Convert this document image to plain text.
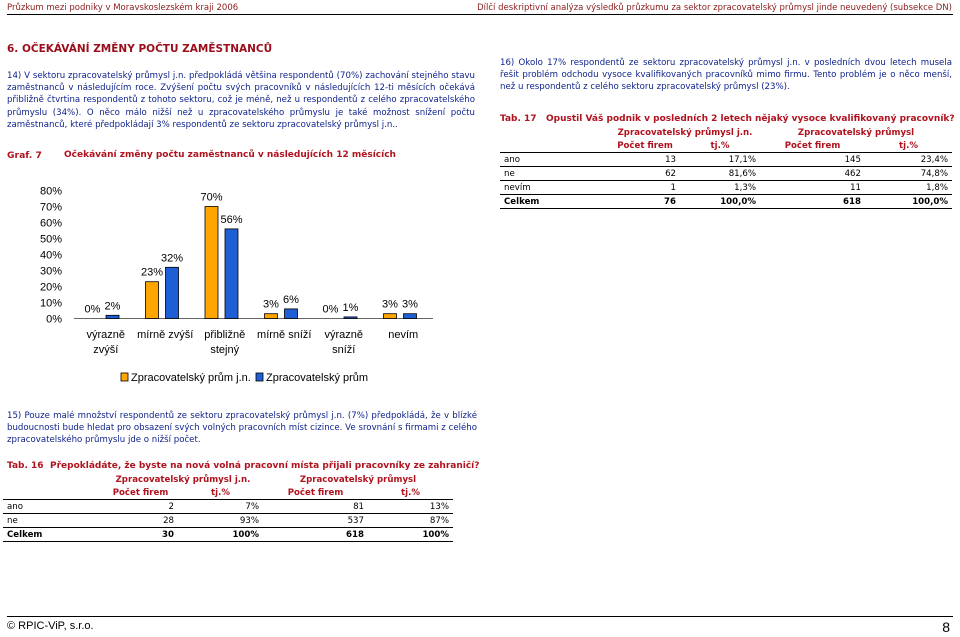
Průzkum mezi podniky v Moravskoslezském kraji 2006	Dílčí deskriptivní analýza výsledků průzkumu za sektor zpracovatelský průmysl jinde neuvedený (subsekce DN)
6. OČEKÁVÁNÍ ZMĚNY POČTU ZAMĚSTNANCŮ
14) V sektoru zpracovatelský průmysl j.n. předpokládá většina respondentů (70%) zachování stejného stavu zaměstnanců v následujícím roce. Zvýšení počtu svých pracovníků v následujících 12-ti měsících očekává přibližně čtvrtina respondentů z tohoto sektoru, což je méně, než u respondentů z celého zpracovatelského průmyslu (34%). O něco málo nižší než u zpracovatelského průmyslu je také možnost snížení počtu zaměstnanců, které předpokládají 3% respondentů ze sektoru zpracovatelský průmysl j.n..
Graf. 7 Očekávání změny počtu zaměstnanců v následujících 12 měsících
0%
10%
20%
30%
40%
50%
60%
70%
80%
0% 2%
23%
32%
70%
56%
3% 6%
0% 1% 3% 3%
výrazně
zvýší
mírně zvýší přibližně
stejný
mírně sníží výrazně
sníží
nevím
Zpracovatelský prům j.n. Zpracovatelský prům
15) Pouze malé množství respondentů ze sektoru zpracovatelský průmysl j.n. (7%) předpokládá, že v blízké budoucnosti bude hledat pro obsazení svých volných pracovních míst cizince. Ve srovnání s firmami z celého zpracovatelského průmyslu jde o nižší počet.
Tab. 16 Přepokládáte, že byste na nová volná pracovní místa přijali pracovníky ze zahraničí?
	Zpracovatelský průmysl j.n.		Zpracovatelský průmysl	
	Počet firem	tj.%	Počet firem	tj.%
ano	2	7%	81	13%
ne	28	93%	537	87%
Celkem	30	100%	618	100%
16) Okolo 17% respondentů ze sektoru zpracovatelský průmysl j.n. v posledních dvou letech musela řešit problém odchodu vysoce kvalifikovaných pracovníků mimo firmu. Tento problém je o něco menší, než u respondentů z celého sektoru zpracovatelský průmysl (23%).
Tab. 17 Opustil Váš podnik v posledních 2 letech nějaký vysoce kvalifikovaný pracovník?
	Zpracovatelský průmysl j.n.		Zpracovatelský průmysl	
	Počet firem	tj.%	Počet firem	tj.%
ano	13	17,1%	145	23,4%
ne	62	81,6%	462	74,8%
nevím	1	1,3%	11	1,8%
Celkem	76	100,0%	618	100,0%
© RPIC-ViP, s.r.o.	8
